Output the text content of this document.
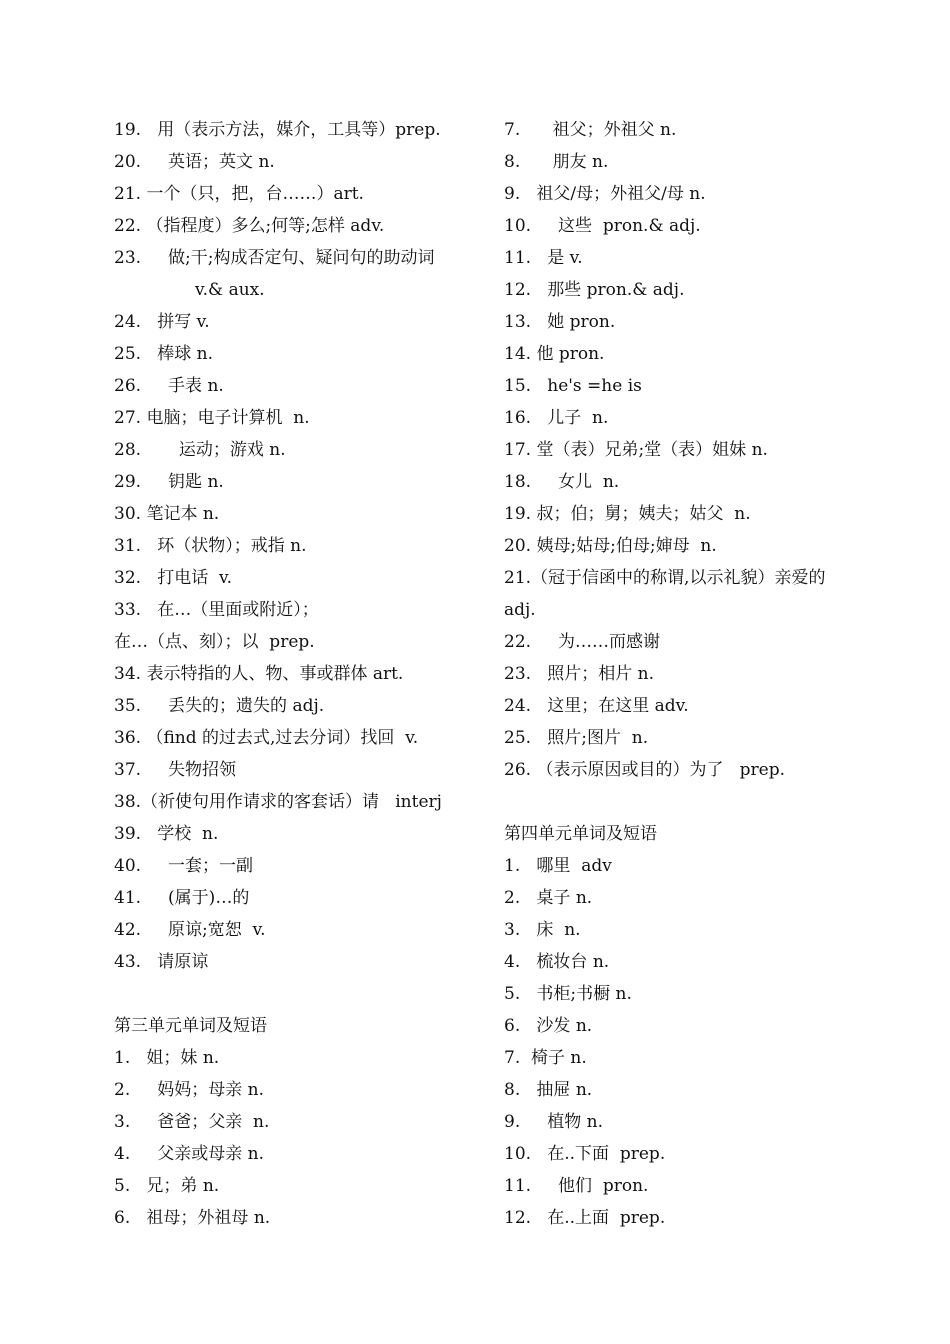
19.   用（表示方法，媒介，工具等）prep.
20.     英语；英文 n.
21. 一个（只，把，台……）art.
22. （指程度）多么;何等;怎样 adv.
23.     做;干;构成否定句、疑问句的助动词
v.& aux.
24.   拼写 v.
25.   棒球 n.
26.     手表 n.
27. 电脑；电子计算机  n.
28.       运动；游戏 n.
29.     钥匙 n.
30. 笔记本 n.
31.   环（状物）；戒指 n.
32.   打电话  v.
33.   在…（里面或附近）；
在…（点、刻）；以  prep.
34. 表示特指的人、物、事或群体 art.
35.     丢失的；遗失的 adj.
36. （find 的过去式,过去分词）找回  v.
37.     失物招领
38.（祈使句用作请求的客套话）请   interj
39.   学校  n.
40.     一套；一副
41.     (属于)…的
42.     原谅;宽恕  v.
43.   请原谅
第三单元单词及短语
1.   姐；妹 n.
2.     妈妈；母亲 n.
3.     爸爸；父亲  n.
4.     父亲或母亲 n.
5.   兄；弟 n.
6.   祖母；外祖母 n.
7.      祖父；外祖父 n.
8.      朋友 n.
9.   祖父/母；外祖父/母 n.
10.     这些  pron.& adj.
11.   是 v.
12.   那些 pron.& adj.
13.   她 pron.
14. 他 pron.
15.   he's =he is
16.   儿子  n.
17. 堂（表）兄弟;堂（表）姐妹 n.
18.     女儿  n.
19. 叔；伯；舅；姨夫；姑父  n.
20. 姨母;姑母;伯母;婶母  n.
21.（冠于信函中的称谓,以示礼貌）亲爱的
adj.
22.     为……而感谢
23.   照片；相片 n.
24.   这里；在这里 adv.
25.   照片;图片  n.
26. （表示原因或目的）为了   prep.
第四单元单词及短语
1.   哪里  adv
2.   桌子 n.
3.   床  n.
4.   梳妆台 n.
5.   书柜;书橱 n.
6.   沙发 n.
7.  椅子 n.
8.   抽屉 n.
9.     植物 n.
10.   在..下面  prep.
11.     他们  pron.
12.   在..上面  prep.
